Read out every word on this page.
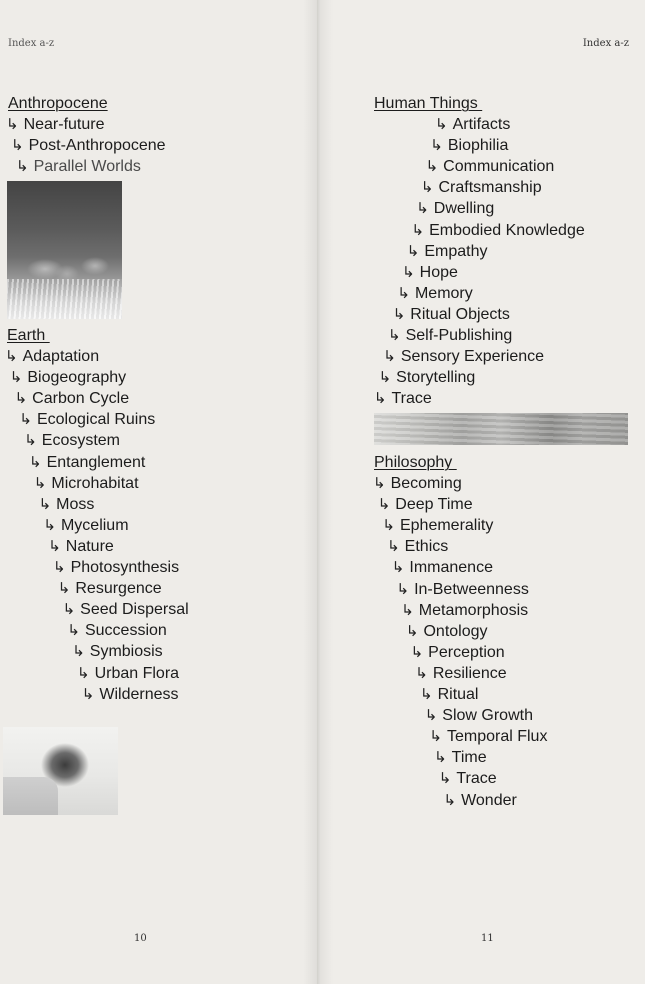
Index a-z
Anthropocene
↳ Near-future
↳ Post-Anthropocene
↳ Parallel Worlds
Earth
↳ Adaptation
↳ Biogeography
↳ Carbon Cycle
↳ Ecological Ruins
↳ Ecosystem
↳ Entanglement
↳ Microhabitat
↳ Moss
↳ Mycelium
↳ Nature
↳ Photosynthesis
↳ Resurgence
↳ Seed Dispersal
↳ Succession
↳ Symbiosis
↳ Urban Flora
↳ Wilderness
10
Index a-z
Human Things
↳ Artifacts
↳ Biophilia
↳ Communication
↳ Craftsmanship
↳ Dwelling
↳ Embodied Knowledge
↳ Empathy
↳ Hope
↳ Memory
↳ Ritual Objects
↳ Self-Publishing
↳ Sensory Experience
↳ Storytelling
↳ Trace
Philosophy
↳ Becoming
↳ Deep Time
↳ Ephemerality
↳ Ethics
↳ Immanence
↳ In-Betweenness
↳ Metamorphosis
↳ Ontology
↳ Perception
↳ Resilience
↳ Ritual
↳ Slow Growth
↳ Temporal Flux
↳ Time
↳ Trace
↳ Wonder
11
